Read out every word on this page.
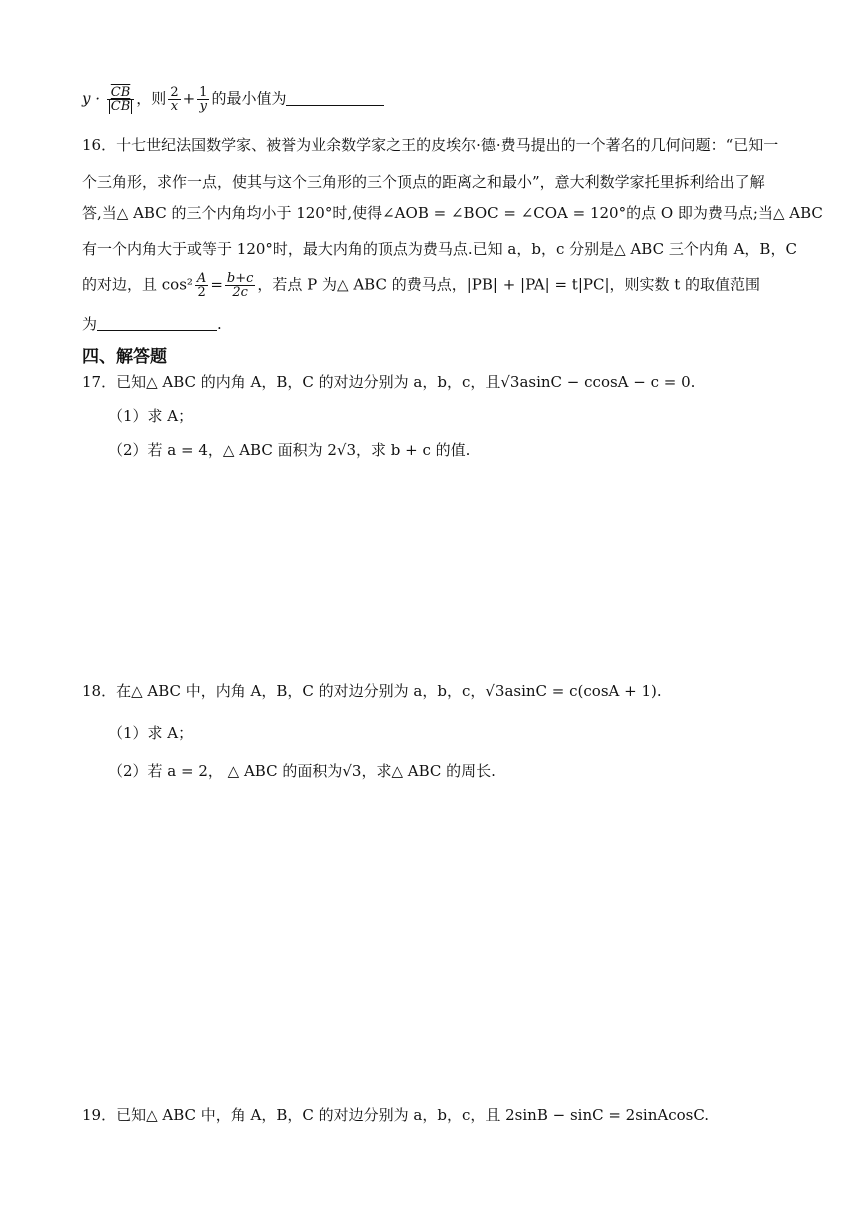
$y \cdot \frac{\overline{CB}}{CB}$ ，则 $\frac{2}{x} + \frac{1}{y}$ 的最小值为
16．十七世纪法国数学家、被誉为业余数学家之王的皮埃尔·德·费马提出的一个著名的几何问题：“已知一
个三角形，求作一点，使其与这个三角形的三个顶点的距离之和最小”，意大利数学家托里拆利给出了解
答,当△ ABC 的三个内角均小于 120°时,使得∠AOB = ∠BOC = ∠COA = 120°的点 O 即为费马点;当△ ABC
有一个内角大于或等于 120°时，最大内角的顶点为费马点.已知 a，b，c 分别是△ ABC 三个内角 A，B，C
的对边，且 $\cos^2 \frac{A}{2} = \frac{b+c}{2c}$ ，若点 P 为△ ABC 的费马点，|PB| + |PA| = t|PC|，则实数 t 的取值范围
为	.
四、解答题
17．已知△ ABC 的内角 A，B，C 的对边分别为 a，b，c，且√3asinC − ccosA − c = 0.
（1）求 A；
（2）若 a = 4，△ ABC 面积为 2√3，求 b + c 的值.
18．在△ ABC 中，内角 A，B，C 的对边分别为 a，b，c，√3asinC = c(cosA + 1).
（1）求 A；
（2）若 a = 2， △ ABC 的面积为√3，求△ ABC 的周长.
19．已知△ ABC 中，角 A，B，C 的对边分别为 a，b，c，且 2sinB − sinC = 2sinAcosC.
